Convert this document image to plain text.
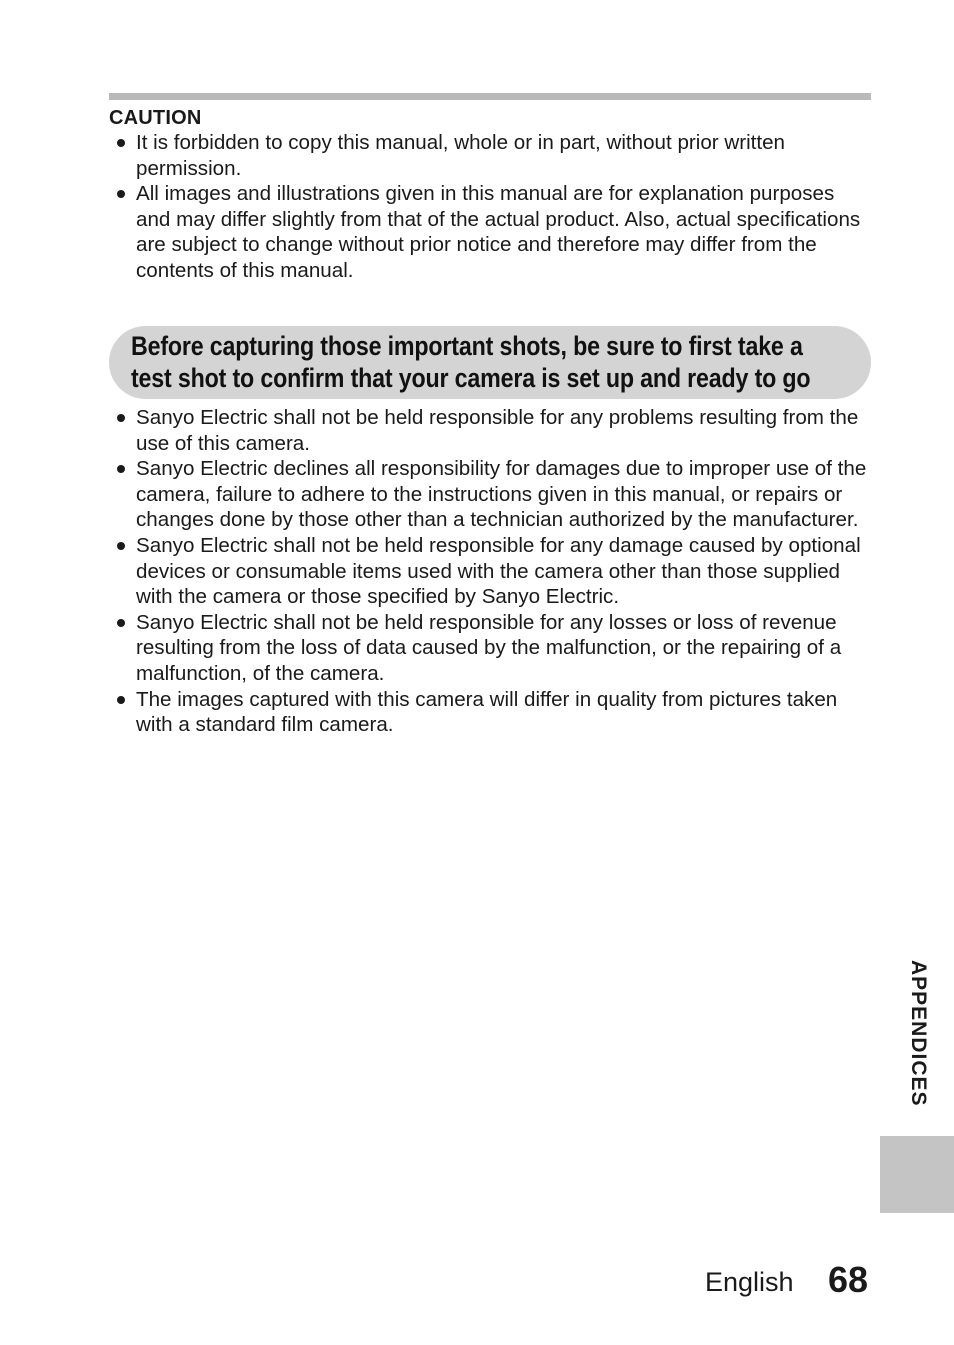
CAUTION
It is forbidden to copy this manual, whole or in part, without prior written permission.
All images and illustrations given in this manual are for explanation purposes and may differ slightly from that of the actual product. Also, actual specifications are subject to change without prior notice and therefore may differ from the contents of this manual.
Before capturing those important shots, be sure to first take a
test shot to confirm that your camera is set up and ready to go
Sanyo Electric shall not be held responsible for any problems resulting from the use of this camera.
Sanyo Electric declines all responsibility for damages due to improper use of the camera, failure to adhere to the instructions given in this manual, or repairs or changes done by those other than a technician authorized by the manufacturer.
Sanyo Electric shall not be held responsible for any damage caused by optional devices or consumable items used with the camera other than those supplied with the camera or those specified by Sanyo Electric.
Sanyo Electric shall not be held responsible for any losses or loss of revenue resulting from the loss of data caused by the malfunction, or the repairing of a malfunction, of the camera.
The images captured with this camera will differ in quality from pictures taken with a standard film camera.
APPENDICES
English 68
